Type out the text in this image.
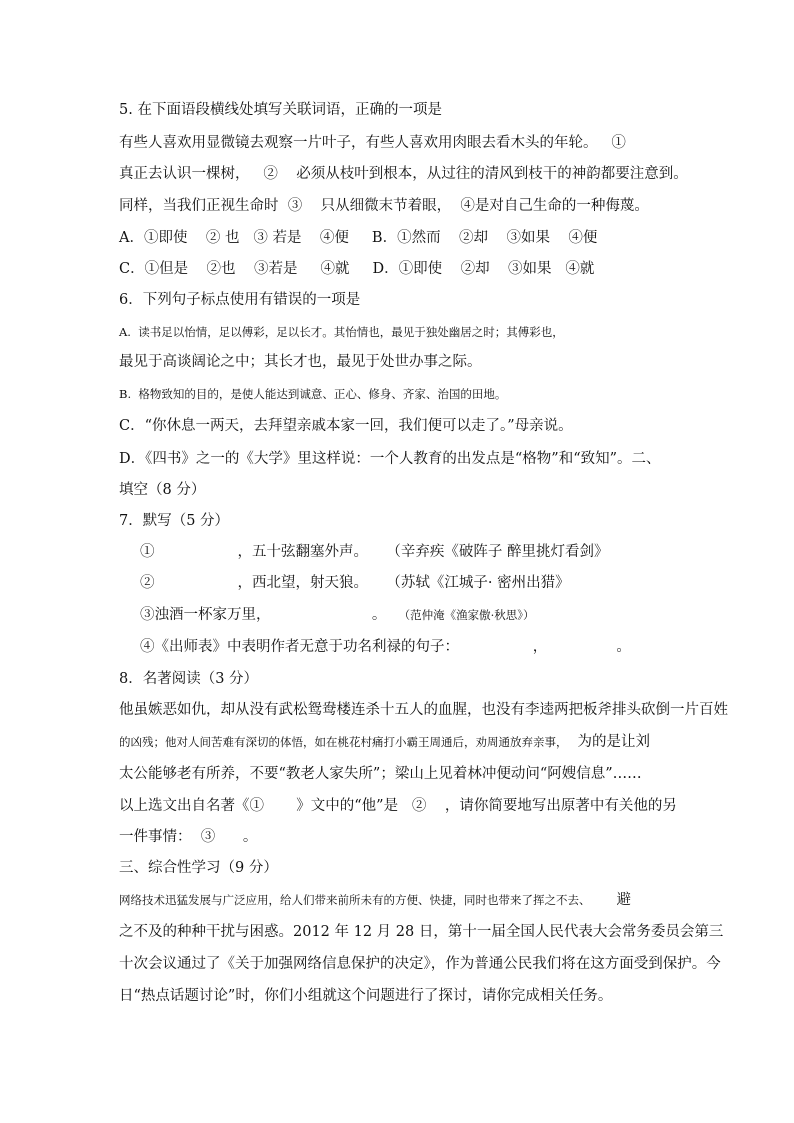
5. 在下面语段横线处填写关联词语，正确的一项是
有些人喜欢用显微镜去观察一片叶子，有些人喜欢用肉眼去看木头的年轮。   ①
真正去认识一棵树，   ②    必须从枝叶到根本，从过往的清风到枝干的神韵都要注意到。
同样，当我们正视生命时  ③    只从细微末节着眼，  ④是对自己生命的一种侮蔑。
A．①即使    ② 也   ③ 若是    ④便     B．①然而    ②却    ③如果    ④便
C．①但是    ②也    ③若是     ④就     D．①即使    ②却    ③如果   ④就
6．下列句子标点使用有错误的一项是
A.  读书足以怡情，足以傅彩，足以长才。其怡情也，最见于独处幽居之时；其傅彩也，
最见于高谈阔论之中；其长才也，最见于处世办事之际。
B.  格物致知的目的，是使人能达到诚意、正心、修身、齐家、治国的田地。
C．“你休息一两天，去拜望亲戚本家一回，我们便可以走了。”母亲说。
D．《四书》之一的《大学》里这样说：一个人教育的出发点是“格物”和“致知”。二、
填空（8 分）
7．默写（5 分）
①                  ，五十弦翻塞外声。    （辛弃疾《破阵子 醉里挑灯看剑》
②                  ，西北望，射天狼。    （苏轼《江城子· 密州出猎》
③浊酒一杯家万里，                      。 （范仲淹《渔家傲·秋思》）
④《出师表》中表明作者无意于功名利禄的句子：                ，               。
8．名著阅读（3 分）
他虽嫉恶如仇，却从没有武松鸳鸯楼连杀十五人的血腥，也没有李逵两把板斧排头砍倒一片百姓
的凶残；他对人间苦难有深切的体悟，如在桃花村痛打小霸王周通后，劝周通放弃亲事， 为的是让刘
太公能够老有所养，不要“教老人家失所”；梁山上见着林冲便动问“阿嫂信息”……
以上选文出自名著《①       》文中的“他”是   ②    ，请你简要地写出原著中有关他的另
一件事情：  ③      。
三、综合性学习（9 分）
网络技术迅猛发展与广泛应用，给人们带来前所未有的方便、快捷，同时也带来了挥之不去、 避
之不及的种种干扰与困惑。2012 年 12 月 28 日，第十一届全国人民代表大会常务委员会第三
十次会议通过了《关于加强网络信息保护的决定》，作为普通公民我们将在这方面受到保护。今
日“热点话题讨论”时，你们小组就这个问题进行了探讨，请你完成相关任务。
